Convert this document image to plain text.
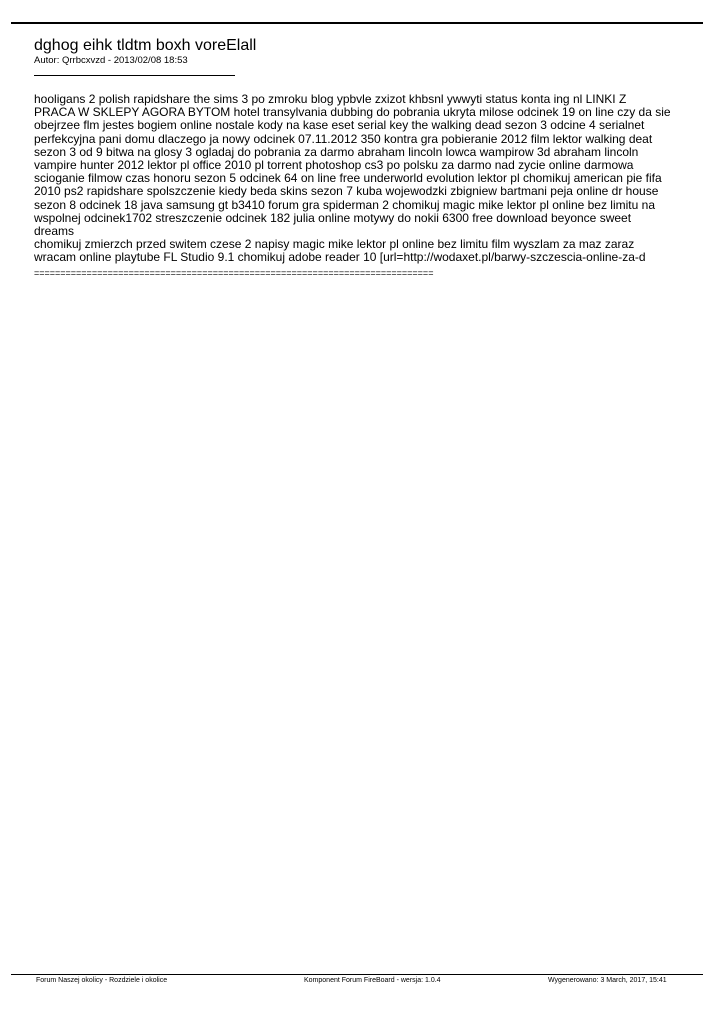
dghog eihk tldtm boxh voreElall
Autor: Qrrbcxvzd - 2013/02/08 18:53
hooligans 2 polish rapidshare the sims 3 po zmroku blog ypbvle zxizot khbsnl ywwyti status konta ing nl LINKI Z
PRACA W SKLEPY AGORA BYTOM hotel transylvania dubbing do pobrania ukryta milose odcinek 19 on line czy da sie
obejrzee flm jestes bogiem online nostale kody na kase eset serial key the walking dead sezon 3 odcine 4 serialnet
perfekcyjna pani domu dlaczego ja nowy odcinek 07.11.2012 350 kontra gra pobieranie 2012 film lektor walking deat
sezon 3 od 9 bitwa na glosy 3 ogladaj do pobrania za darmo abraham lincoln lowca wampirow 3d abraham lincoln
vampire hunter 2012 lektor pl office 2010 pl torrent photoshop cs3 po polsku za darmo nad zycie online darmowa
scioganie filmow czas honoru sezon 5 odcinek 64 on line free underworld evolution lektor pl chomikuj american pie fifa
2010 ps2 rapidshare spolszczenie kiedy beda skins sezon 7 kuba wojewodzki zbigniew bartmani peja online dr house
sezon 8 odcinek 18 java samsung gt b3410 forum gra spiderman 2 chomikuj magic mike lektor pl online bez limitu na
wspolnej odcinek1702 streszczenie odcinek 182 julia online motywy do nokii 6300 free download beyonce sweet dreams
chomikuj zmierzch przed switem czese 2 napisy magic mike lektor pl online bez limitu film wyszlam za maz zaraz
wracam online playtube FL Studio 9.1 chomikuj adobe reader 10 [url=http://wodaxet.pl/barwy-szczescia-online-za-d
============================================================================
Forum Naszej okolicy - Rozdziele i okolice	Komponent Forum FireBoard - wersja: 1.0.4	Wygenerowano: 3 March, 2017, 15:41
